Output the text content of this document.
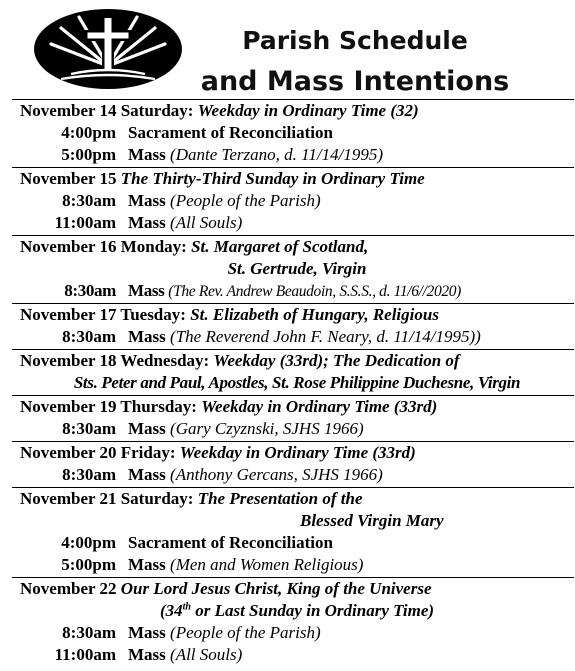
Parish Schedule
and Mass Intentions
November 14 Saturday: Weekday in Ordinary Time (32)
4:00pm Sacrament of Reconciliation
5:00pm Mass (Dante Terzano, d. 11/14/1995)
November 15 The Thirty-Third Sunday in Ordinary Time
8:30am Mass (People of the Parish)
11:00am Mass (All Souls)
November 16 Monday: St. Margaret of Scotland,
St. Gertrude, Virgin
8:30am Mass (The Rev. Andrew Beaudoin, S.S.S., d. 11/6//2020)
November 17 Tuesday: St. Elizabeth of Hungary, Religious
8:30am Mass (The Reverend John F. Neary, d. 11/14/1995))
November 18 Wednesday: Weekday (33rd); The Dedication of
Sts. Peter and Paul, Apostles, St. Rose Philippine Duchesne, Virgin
November 19 Thursday: Weekday in Ordinary Time (33rd)
8:30am Mass (Gary Czyznski, SJHS 1966)
November 20 Friday: Weekday in Ordinary Time (33rd)
8:30am Mass (Anthony Gercans, SJHS 1966)
November 21 Saturday: The Presentation of the
Blessed Virgin Mary
4:00pm Sacrament of Reconciliation
5:00pm Mass (Men and Women Religious)
November 22 Our Lord Jesus Christ, King of the Universe
(34th or Last Sunday in Ordinary Time)
8:30am Mass (People of the Parish)
11:00am Mass (All Souls)
